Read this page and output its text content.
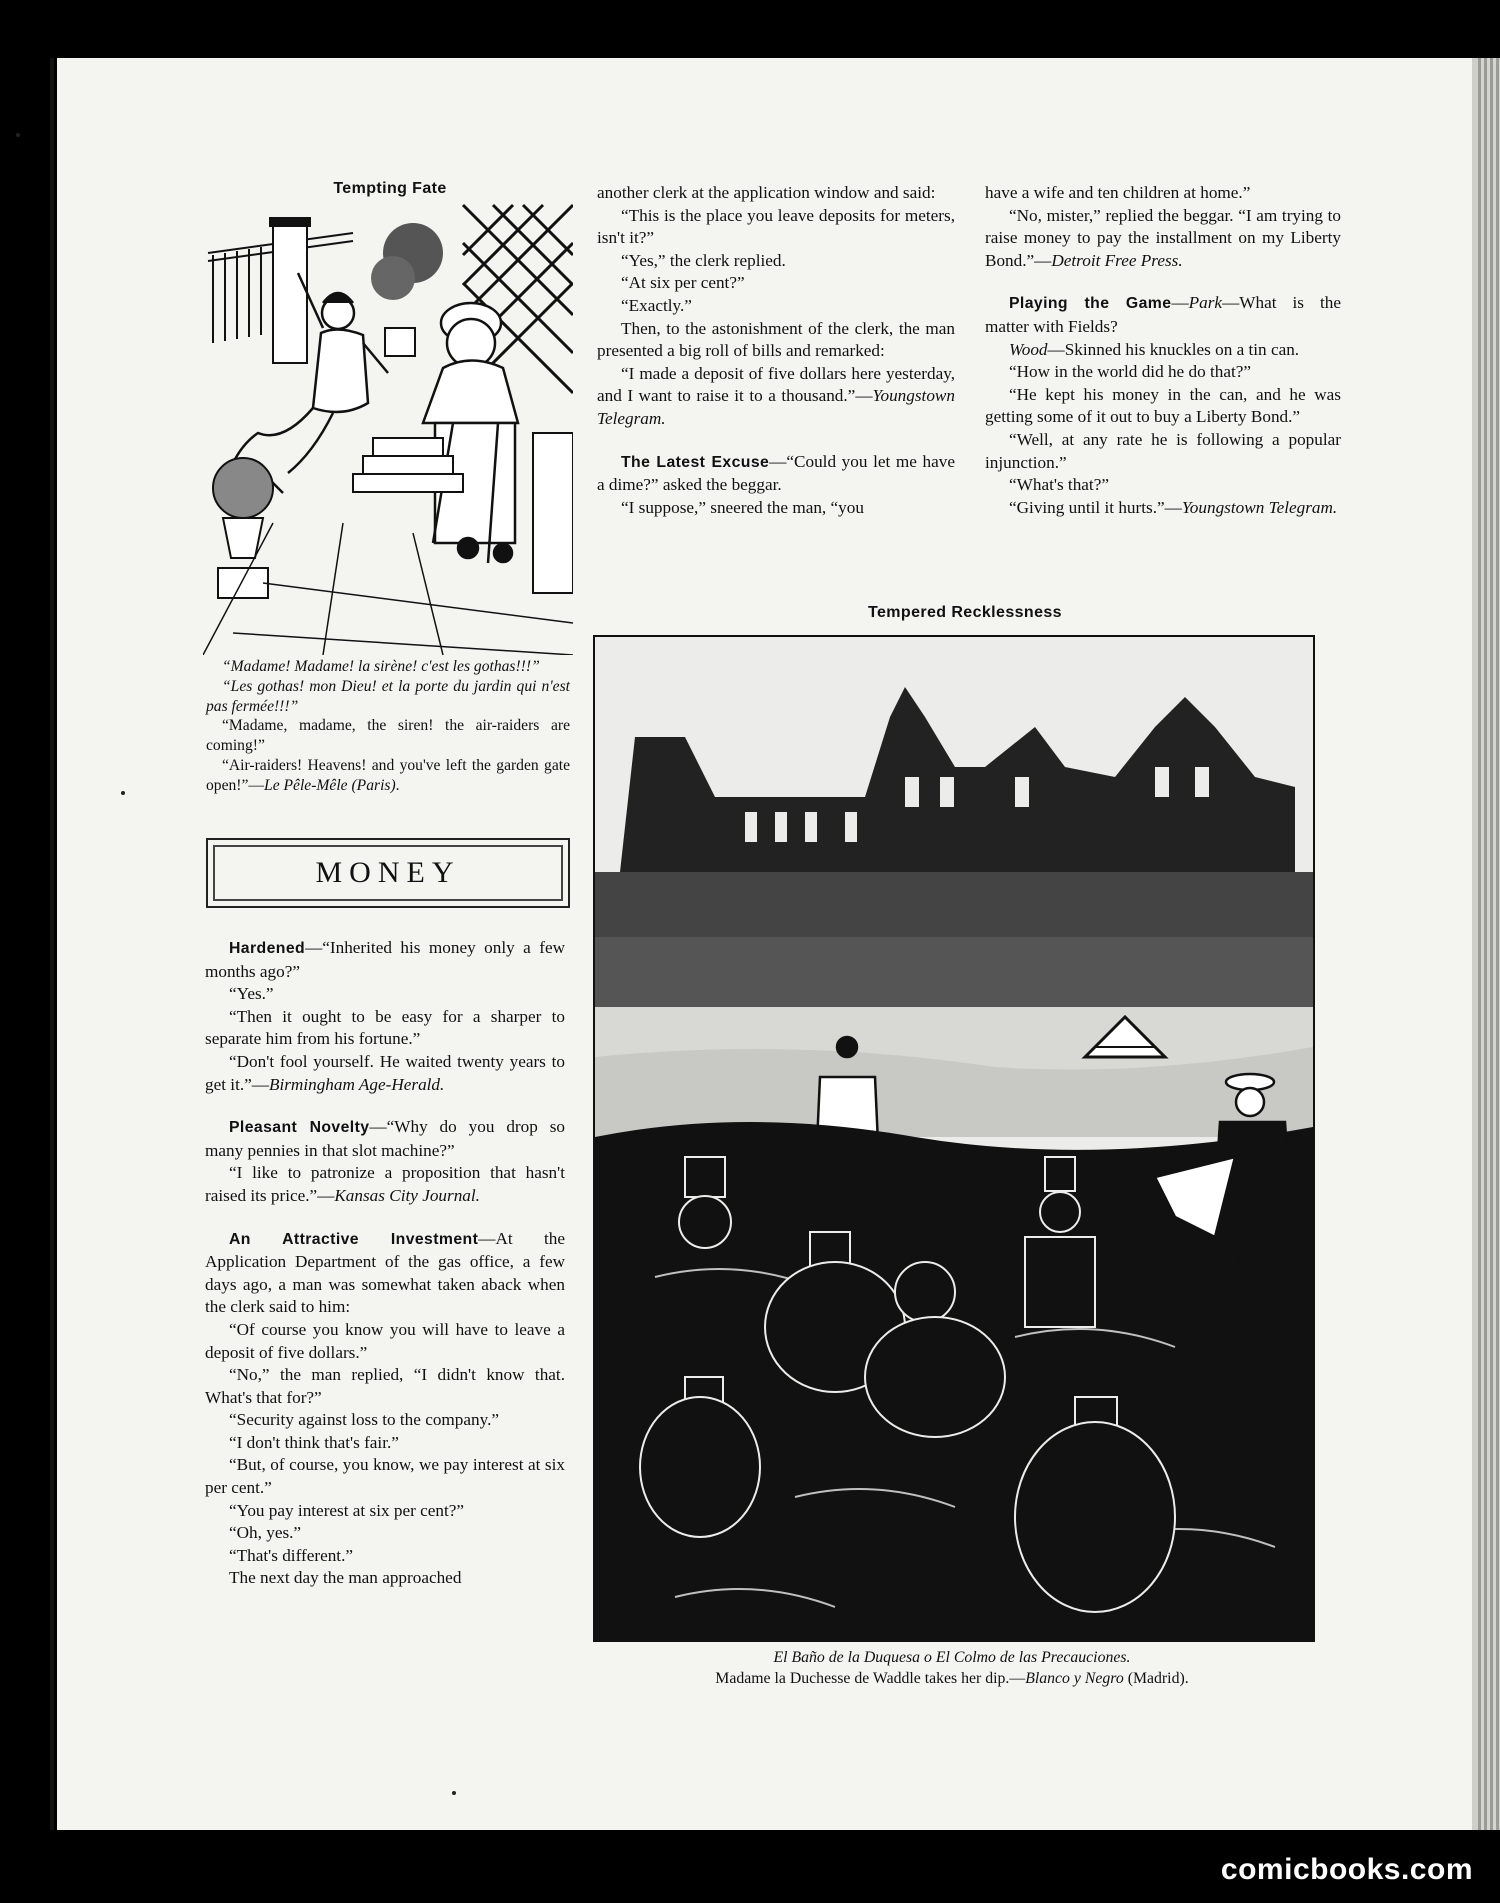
Tempting Fate

“Madame! Madame! la sirène! c'est les gothas!!!”

“Les gothas! mon Dieu! et la porte du jardin qui n'est pas fermée!!!”

“Madame, madame, the siren! the air-raiders are coming!”

“Air-raiders! Heavens! and you've left the garden gate open!”—Le Pêle-Mêle (Paris).

MONEY

Hardened—“Inherited his money only a few months ago?”

“Yes.”

“Then it ought to be easy for a sharper to separate him from his fortune.”

“Don't fool yourself. He waited twenty years to get it.”—Birmingham Age-Herald.

Pleasant Novelty—“Why do you drop so many pennies in that slot machine?”

“I like to patronize a proposition that hasn't raised its price.”—Kansas City Journal.

An Attractive Investment—At the Application Department of the gas office, a few days ago, a man was somewhat taken aback when the clerk said to him:

“Of course you know you will have to leave a deposit of five dollars.”

“No,” the man replied, “I didn't know that. What's that for?”

“Security against loss to the company.”

“I don't think that's fair.”

“But, of course, you know, we pay interest at six per cent.”

“You pay interest at six per cent?”

“Oh, yes.”

“That's different.”

The next day the man approached

another clerk at the application window and said:

“This is the place you leave deposits for meters, isn't it?”

“Yes,” the clerk replied.

“At six per cent?”

“Exactly.”

Then, to the astonishment of the clerk, the man presented a big roll of bills and remarked:

“I made a deposit of five dollars here yesterday, and I want to raise it to a thousand.”—Youngstown Telegram.

The Latest Excuse—“Could you let me have a dime?” asked the beggar.

“I suppose,” sneered the man, “you

have a wife and ten children at home.”

“No, mister,” replied the beggar. “I am trying to raise money to pay the installment on my Liberty Bond.”—Detroit Free Press.

Playing the Game—Park—What is the matter with Fields?

Wood—Skinned his knuckles on a tin can.

“How in the world did he do that?”

“He kept his money in the can, and he was getting some of it out to buy a Liberty Bond.”

“Well, at any rate he is following a popular injunction.”

“What's that?”

“Giving until it hurts.”—Youngstown Telegram.

Tempered Recklessness
El Baño de la Duquesa o El Colmo de las Precauciones.
Madame la Duchesse de Waddle takes her dip.—Blanco y Negro (Madrid).
comicbooks.com
